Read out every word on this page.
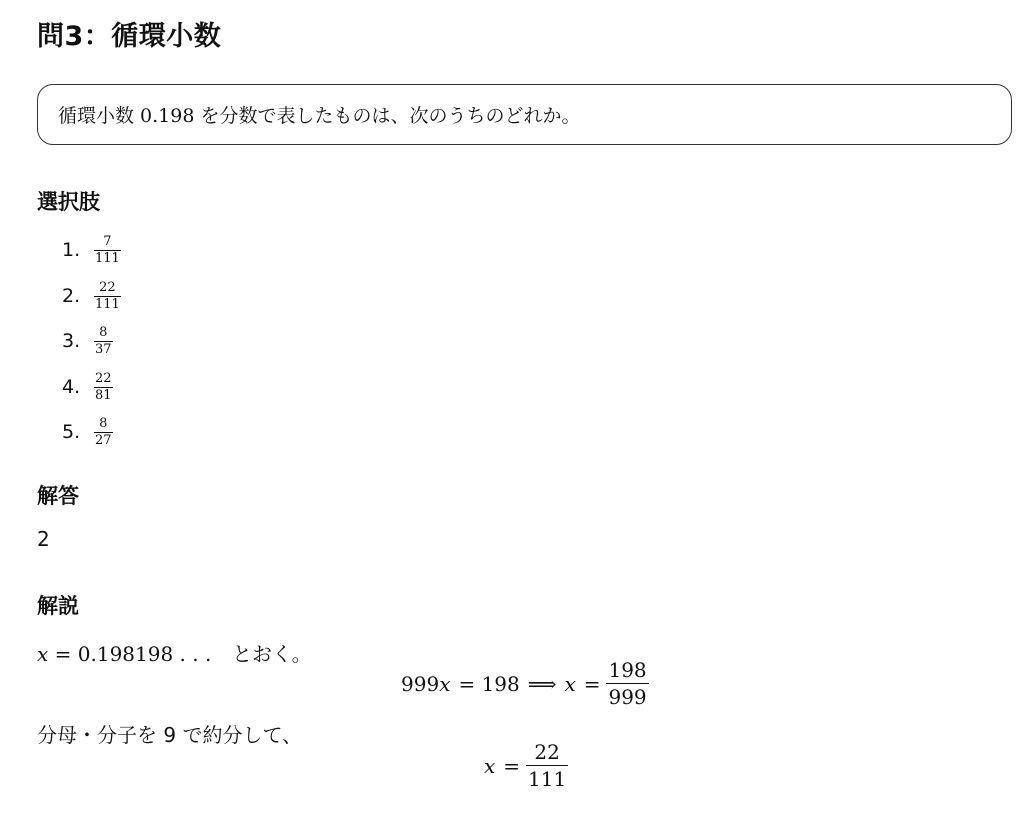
問3：循環小数
循環小数 0.198 を分数で表したものは、次のうちのどれか。
選択肢
1. $\frac{7}{111}$
2. $\frac{22}{111}$
3. $\frac{8}{37}$
4. $\frac{22}{81}$
5. $\frac{8}{27}$
解答
2
解説
x = 0.198198 . . . とおく。
999 x = 198 ⟹ $x = \frac{198}{999}$
分母・分子を 9 で約分して、
$x = \frac{22}{111}$
